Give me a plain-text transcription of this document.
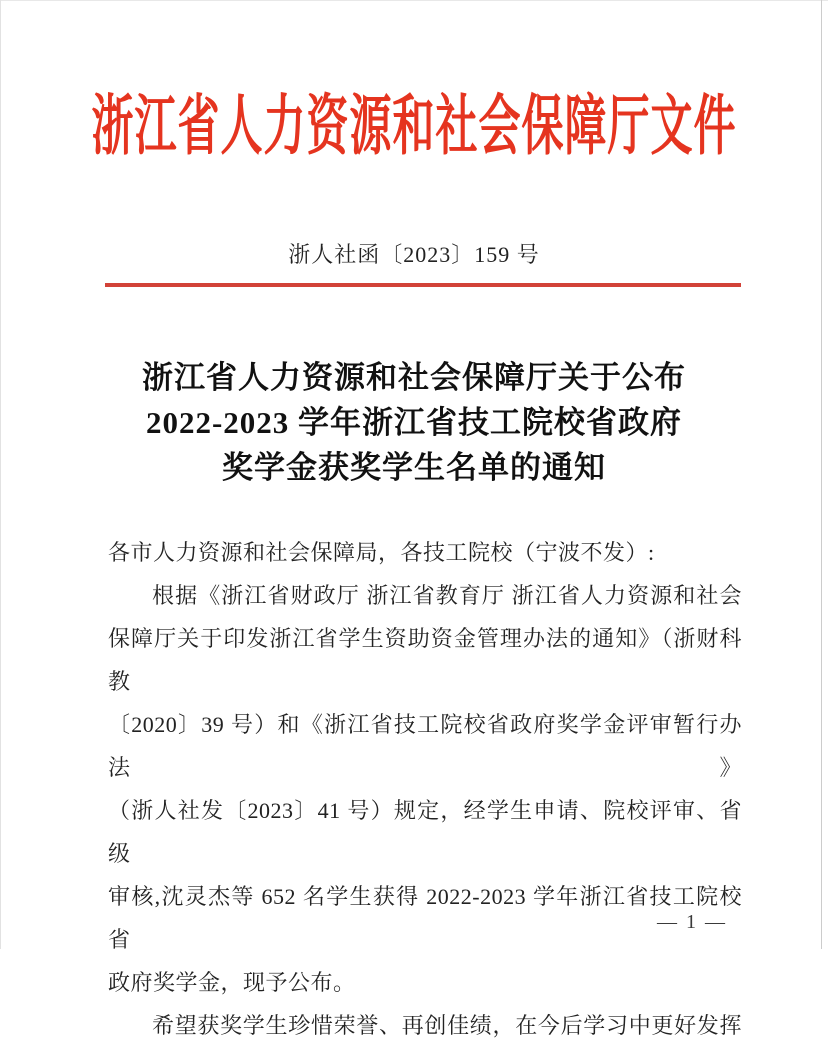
浙江省人力资源和社会保障厅文件
浙人社函〔2023〕159 号
浙江省人力资源和社会保障厅关于公布
2022-2023 学年浙江省技工院校省政府
奖学金获奖学生名单的通知
各市人力资源和社会保障局，各技工院校（宁波不发）:
根据《浙江省财政厅 浙江省教育厅 浙江省人力资源和社会
保障厅关于印发浙江省学生资助资金管理办法的通知》（浙财科教
〔2020〕39 号）和《浙江省技工院校省政府奖学金评审暂行办法》
（浙人社发〔2023〕41 号）规定，经学生申请、院校评审、省级
审核,沈灵杰等 652 名学生获得 2022-2023 学年浙江省技工院校省
政府奖学金，现予公布。
希望获奖学生珍惜荣誉、再创佳绩，在今后学习中更好发挥
— 1 —
